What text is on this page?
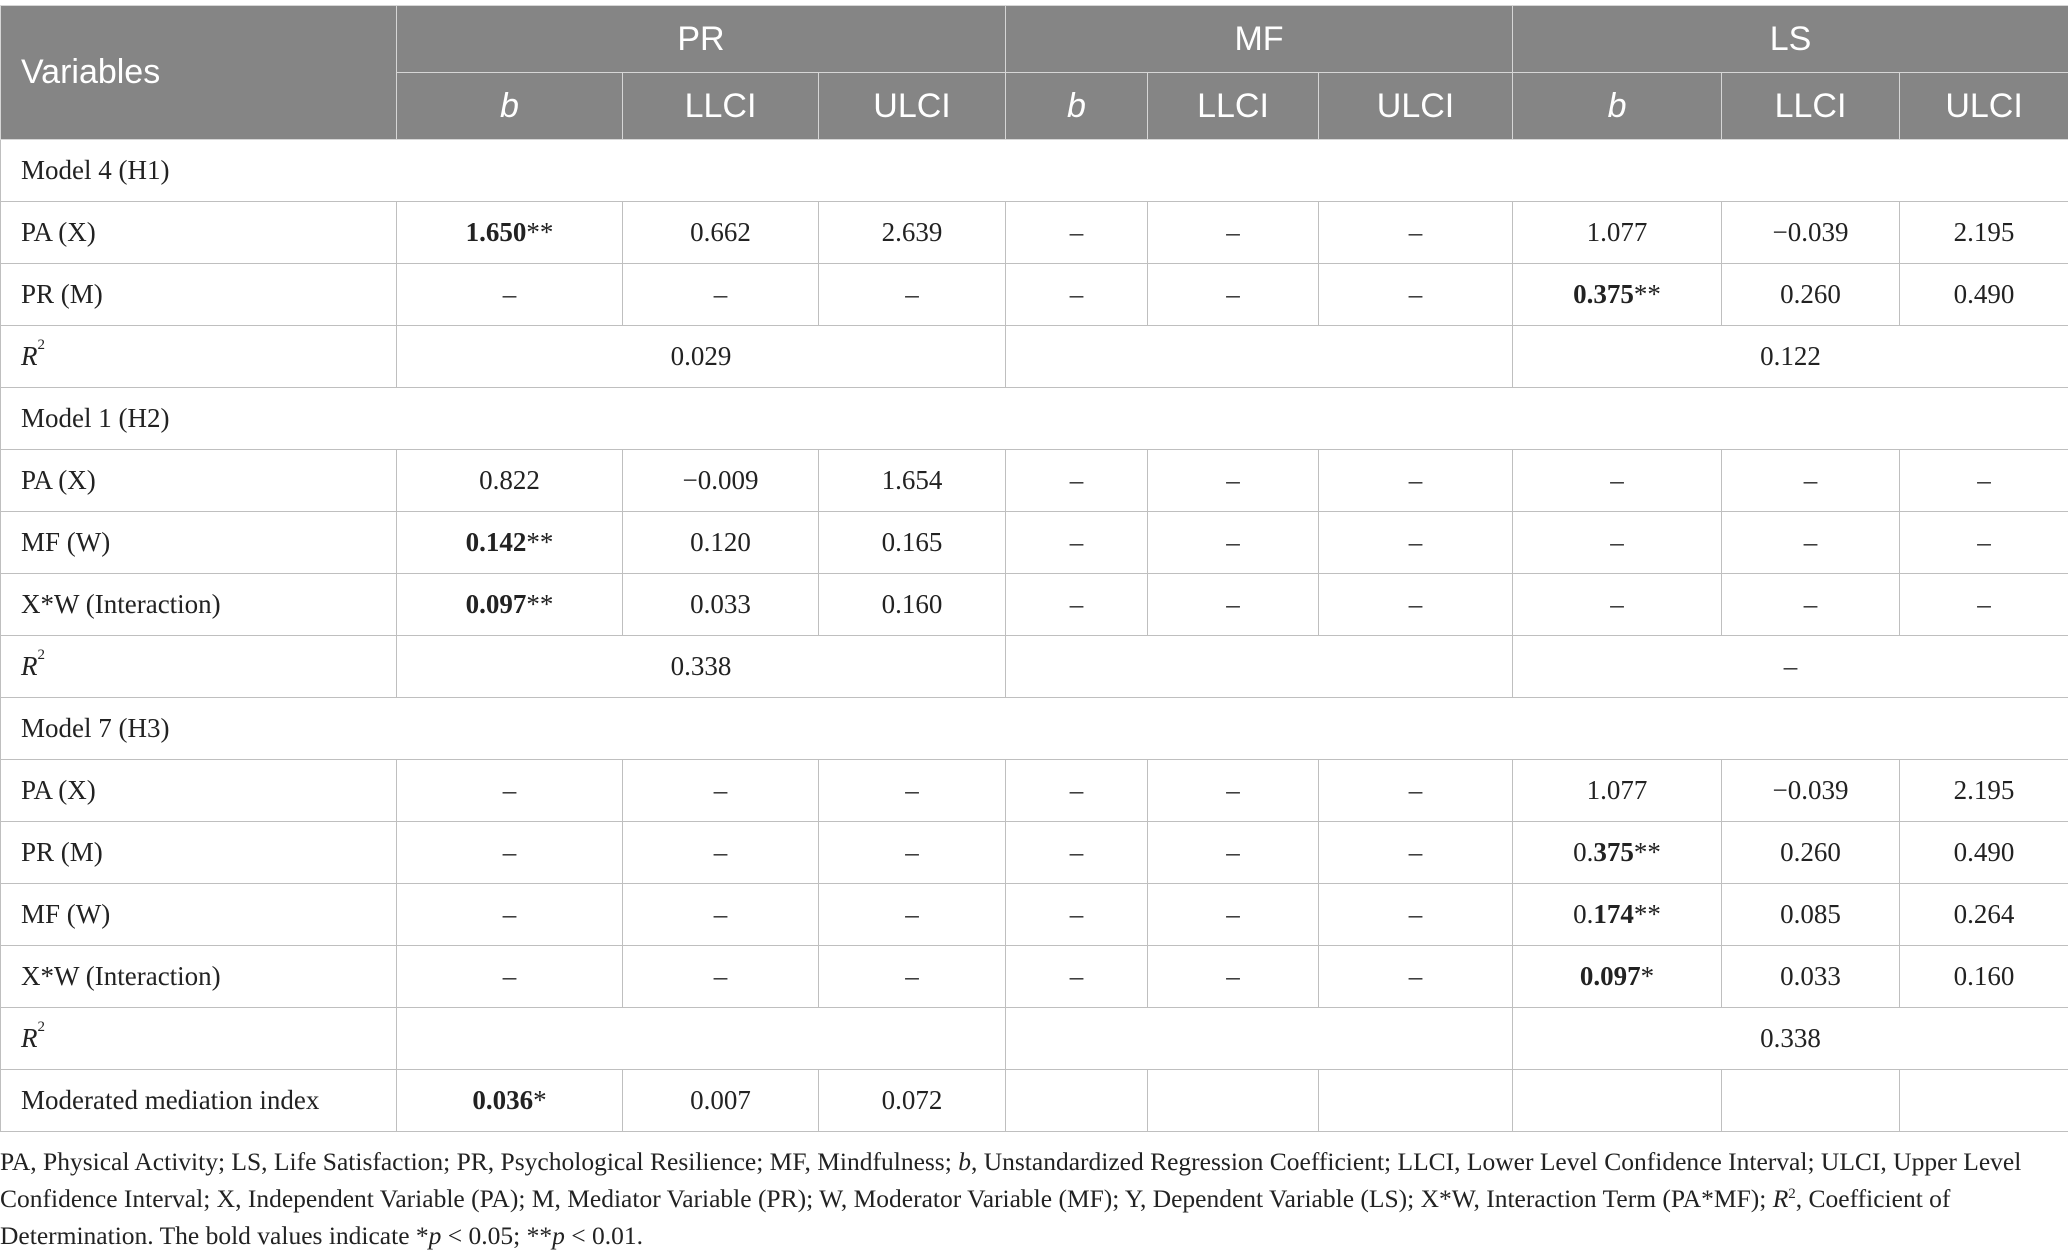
Variables	PR			MF			LS		
	b	LLCI	ULCI	b	LLCI	ULCI	b	LLCI	ULCI
Model 4 (H1)									
PA (X)	1.650**	0.662	2.639	–	–	–	1.077	−0.039	2.195
PR (M)	–	–	–	–	–	–	0.375**	0.260	0.490
$R^2$	0.029						0.122		
Model 1 (H2)									
PA (X)	0.822	−0.009	1.654	–	–	–	–	–	–
MF (W)	0.142**	0.120	0.165	–	–	–	–	–	–
X*W (Interaction)	0.097**	0.033	0.160	–	–	–	–	–	–
$R^2$	0.338						–		
Model 7 (H3)									
PA (X)	–	–	–	–	–	–	1.077	−0.039	2.195
PR (M)	–	–	–	–	–	–	0.375**	0.260	0.490
MF (W)	–	–	–	–	–	–	0.174**	0.085	0.264
X*W (Interaction)	–	–	–	–	–	–	0.097*	0.033	0.160
$R^2$							0.338		
Moderated mediation index	0.036*	0.007	0.072						
PA, Physical Activity; LS, Life Satisfaction; PR, Psychological Resilience; MF, Mindfulness; b, Unstandardized Regression Coefficient; LLCI, Lower Level Confidence Interval; ULCI, Upper Level Confidence Interval; X, Independent Variable (PA); M, Mediator Variable (PR); W, Moderator Variable (MF); Y, Dependent Variable (LS); X*W, Interaction Term (PA*MF); $R^2$, Coefficient of Determination. The bold values indicate *p < 0.05; **p < 0.01.
